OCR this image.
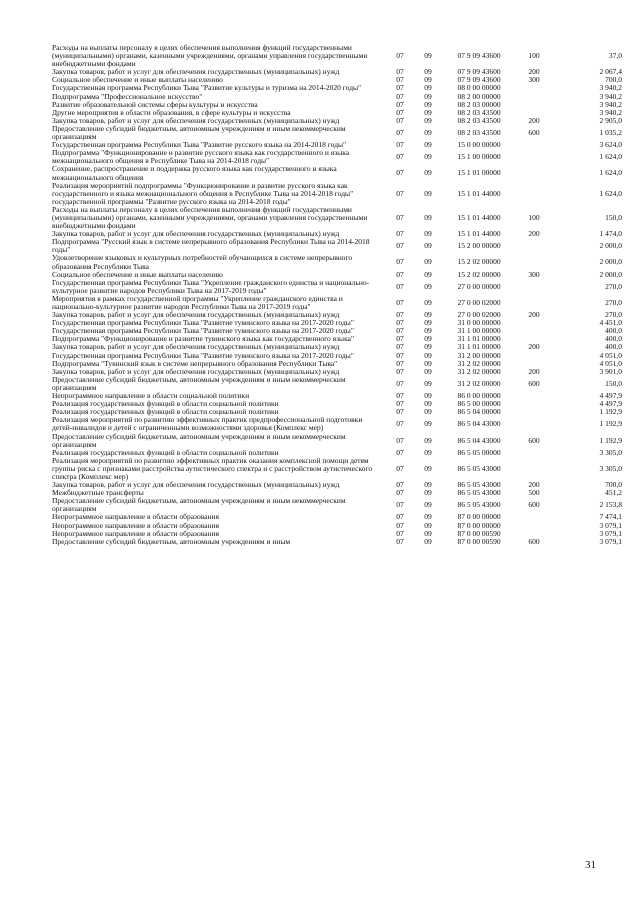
Расходы на выплаты персоналу в целях обеспечения выполнения функций государственными (муниципальными) органами, казенными учреждениями, органами управления государственными внебюджетными фондами	07	09	07 9 09 43600	100	37,0
Закупка товаров, работ и услуг для обеспечения государственных (муниципальных) нужд	07	09	07 9 09 43600	200	2 067,4
Социальное обеспечение и иные выплаты населению	07	09	07 9 09 43600	300	700,0
Государственная программа Республики Тыва "Развитие культуры и туризма на 2014-2020 годы"	07	09	08 0 00 00000		3 940,2
Подпрограмма "Профессиональное искусство"	07	09	08 2 00 00000		3 940,2
Развитие образовательной системы сферы культуры и искусства	07	09	08 2 03 00000		3 940,2
Другие мероприятия в области образования, в сфере культуры и искусства	07	09	08 2 03 43500		3 940,2
Закупка товаров, работ и услуг для обеспечения государственных (муниципальных) нужд	07	09	08 2 03 43500	200	2 905,0
Предоставление субсидий бюджетным, автономным учреждениям и иным некоммерческим организациям	07	09	08 2 03 43500	600	1 035,2
Государственная программа Республики Тыва "Развитие русского языка на 2014-2018 годы"	07	09	15 0 00 00000		3 624,0
Подпрограмма "Функционирование и развитие русского языка как государственного и языка межнационального общения в Республике Тыва на 2014-2018 годы"	07	09	15 1 00 00000		1 624,0
Сохранение, распространение и поддержка русского языка как государственного и языка межнационального общения	07	09	15 1 01 00000		1 624,0
Реализация мероприятий подпрограммы "Функционирование и развитие русского языка как государственного и языка межнационального общения в Республике Тыва на 2014-2018 годы" государственной программы "Развитие русского языка на 2014-2018 годы"	07	09	15 1 01 44000		1 624,0
Расходы на выплаты персоналу в целях обеспечения выполнения функций государственными (муниципальными) органами, казенными учреждениями, органами управления государственными внебюджетными фондами	07	09	15 1 01 44000	100	150,0
Закупка товаров, работ и услуг для обеспечения государственных (муниципальных) нужд	07	09	15 1 01 44000	200	1 474,0
Подпрограмма "Русский язык в системе непрерывного образования Республики Тыва на 2014-2018 годы"	07	09	15 2 00 00000		2 000,0
Удовлетворение языковых и культурных потребностей обучающихся в системе непрерывного образования Республики Тыва	07	09	15 2 02 00000		2 000,0
Социальное обеспечение и иные выплаты населению	07	09	15 2 02 00000	300	2 000,0
Государственная программа Республики Тыва "Укрепление гражданского единства и национально-культурное развитие народов Республики Тыва на 2017-2019 годы"	07	09	27 0 00 00000		270,0
Мероприятия в рамках государственной программы "Укрепление гражданского единства и национально-культурное развитие народов Республики Тыва на 2017-2019 годы"	07	09	27 0 00 02000		270,0
Закупка товаров, работ и услуг для обеспечения государственных (муниципальных) нужд	07	09	27 0 00 02000	200	270,0
Государственная программа Республики Тыва "Развитие тувинского языка на 2017-2020 годы"	07	09	31 0 00 00000		4 451,0
Государственная программа Республики Тыва "Развитие тувинского языка на 2017-2020 годы"	07	09	31 1 00 00000		400,0
Подпрограмма "Функционирование и развитие тувинского языка как государственного языка"	07	09	31 1 01 00000		400,0
Закупка товаров, работ и услуг для обеспечения государственных (муниципальных) нужд	07	09	31 1 01 00000	200	400,0
Государственная программа Республики Тыва "Развитие тувинского языка на 2017-2020 годы"	07	09	31 2 00 00000		4 051,0
Подпрограмма "Тувинский язык в системе непрерывного образования Республики Тыва"	07	09	31 2 02 00000		4 051,0
Закупка товаров, работ и услуг для обеспечения государственных (муниципальных) нужд	07	09	31 2 02 00000	200	3 901,0
Предоставление субсидий бюджетным, автономным учреждениям и иным некоммерческим организациям	07	09	31 2 02 00000	600	150,0
Непрограммное направление в области социальной политики	07	09	86 0 00 00000		4 497,9
Реализация государственных функций в области социальной политики	07	09	86 5 00 00000		4 497,9
Реализация государственных функций в области социальной политики	07	09	86 5 04 00000		1 192,9
Реализация мероприятий по развитию эффективных практик предпрофессиональной подготовки детей-инвалидов и детей с ограниченными возможностями здоровья (Комплекс мер)	07	09	86 5 04 43000		1 192,9
Предоставление субсидий бюджетным, автономным учреждениям и иным некоммерческим организациям	07	09	86 5 04 43000	600	1 192,9
Реализация государственных функций в области социальной политики	07	09	86 5 05 00000		3 305,0
Реализация мероприятий по развитию эффективных практик оказания комплексной помощи детям группы риска с признаками расстройства аутистического спектра и с расстройством аутистического спектра (Комплекс мер)	07	09	86 5 05 43000		3 305,0
Закупка товаров, работ и услуг для обеспечения государственных (муниципальных) нужд	07	09	86 5 05 43000	200	700,0
Межбюджетные трансферты	07	09	86 5 05 43000	500	451,2
Предоставление субсидий бюджетным, автономным учреждениям и иным некоммерческим организациям	07	09	86 5 05 43000	600	2 153,8
Непрограммное направление в области образования	07	09	87 0 00 00000		7 474,1
Непрограммное направление в области образования	07	09	87 0 00 00000		3 079,1
Непрограммное направление в области образования	07	09	87 0 00 00590		3 079,1
Предоставление субсидий бюджетным, автономным учреждениям и иным	07	09	87 0 00 00590	600	3 079,1
31
